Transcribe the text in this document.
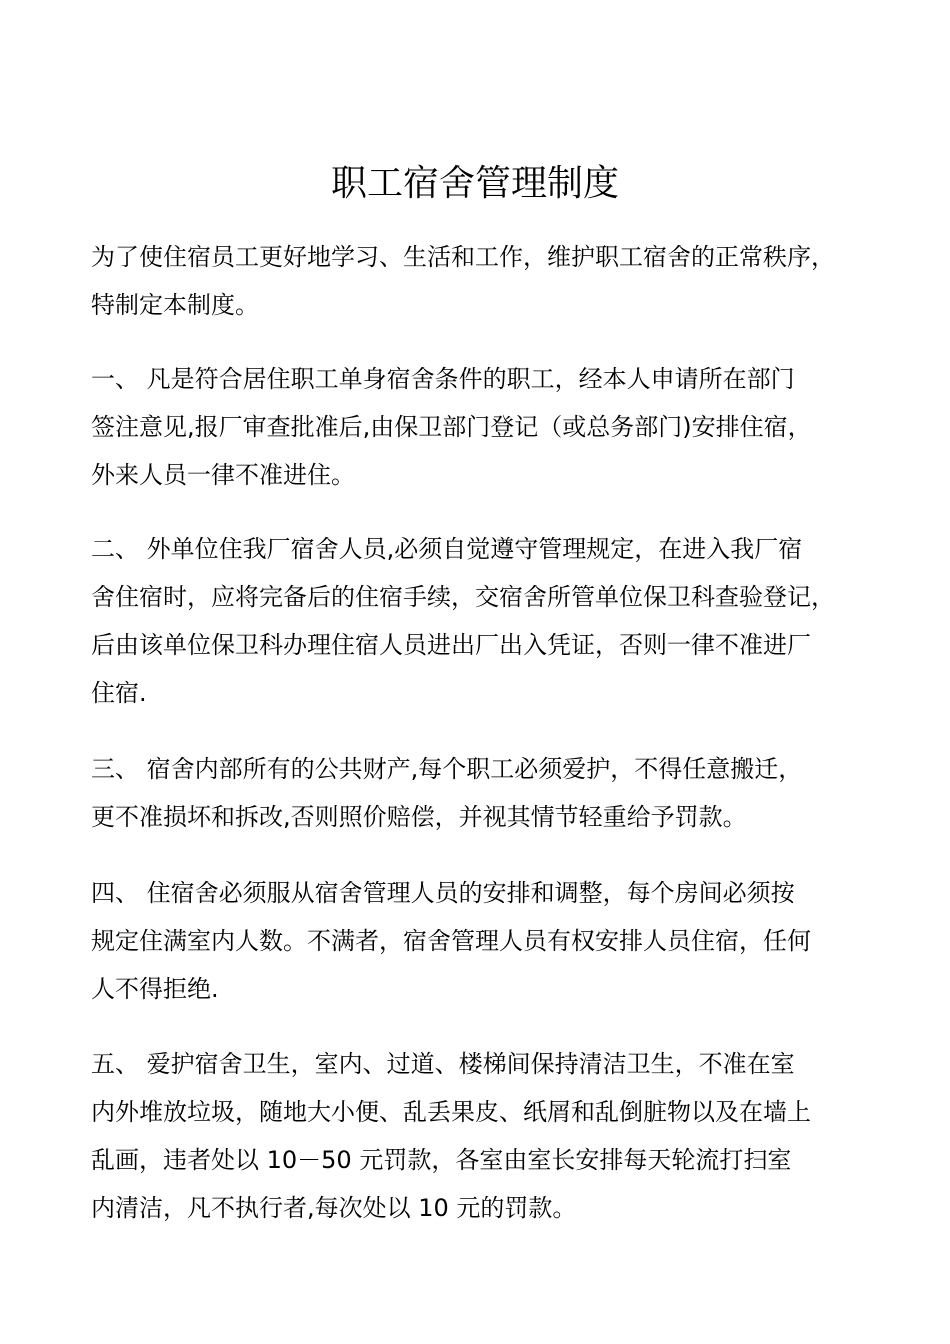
职工宿舍管理制度

为了使住宿员工更好地学习、生活和工作，维护职工宿舍的正常秩序，
特制定本制度。

一、 凡是符合居住职工单身宿舍条件的职工，经本人申请所在部门
签注意见,报厂审查批准后,由保卫部门登记（或总务部门)安排住宿，
外来人员一律不准进住。

二、 外单位住我厂宿舍人员,必须自觉遵守管理规定，在进入我厂宿
舍住宿时，应将完备后的住宿手续，交宿舍所管单位保卫科查验登记，
后由该单位保卫科办理住宿人员进出厂出入凭证，否则一律不准进厂
住宿.

三、 宿舍内部所有的公共财产,每个职工必须爱护，不得任意搬迁，
更不准损坏和拆改,否则照价赔偿，并视其情节轻重给予罚款。

四、 住宿舍必须服从宿舍管理人员的安排和调整，每个房间必须按
规定住满室内人数。不满者，宿舍管理人员有权安排人员住宿，任何
人不得拒绝.

五、 爱护宿舍卫生，室内、过道、楼梯间保持清洁卫生，不准在室
内外堆放垃圾，随地大小便、乱丢果皮、纸屑和乱倒脏物以及在墙上
乱画，违者处以 10－50 元罚款，各室由室长安排每天轮流打扫室
内清洁，凡不执行者,每次处以 10 元的罚款。
